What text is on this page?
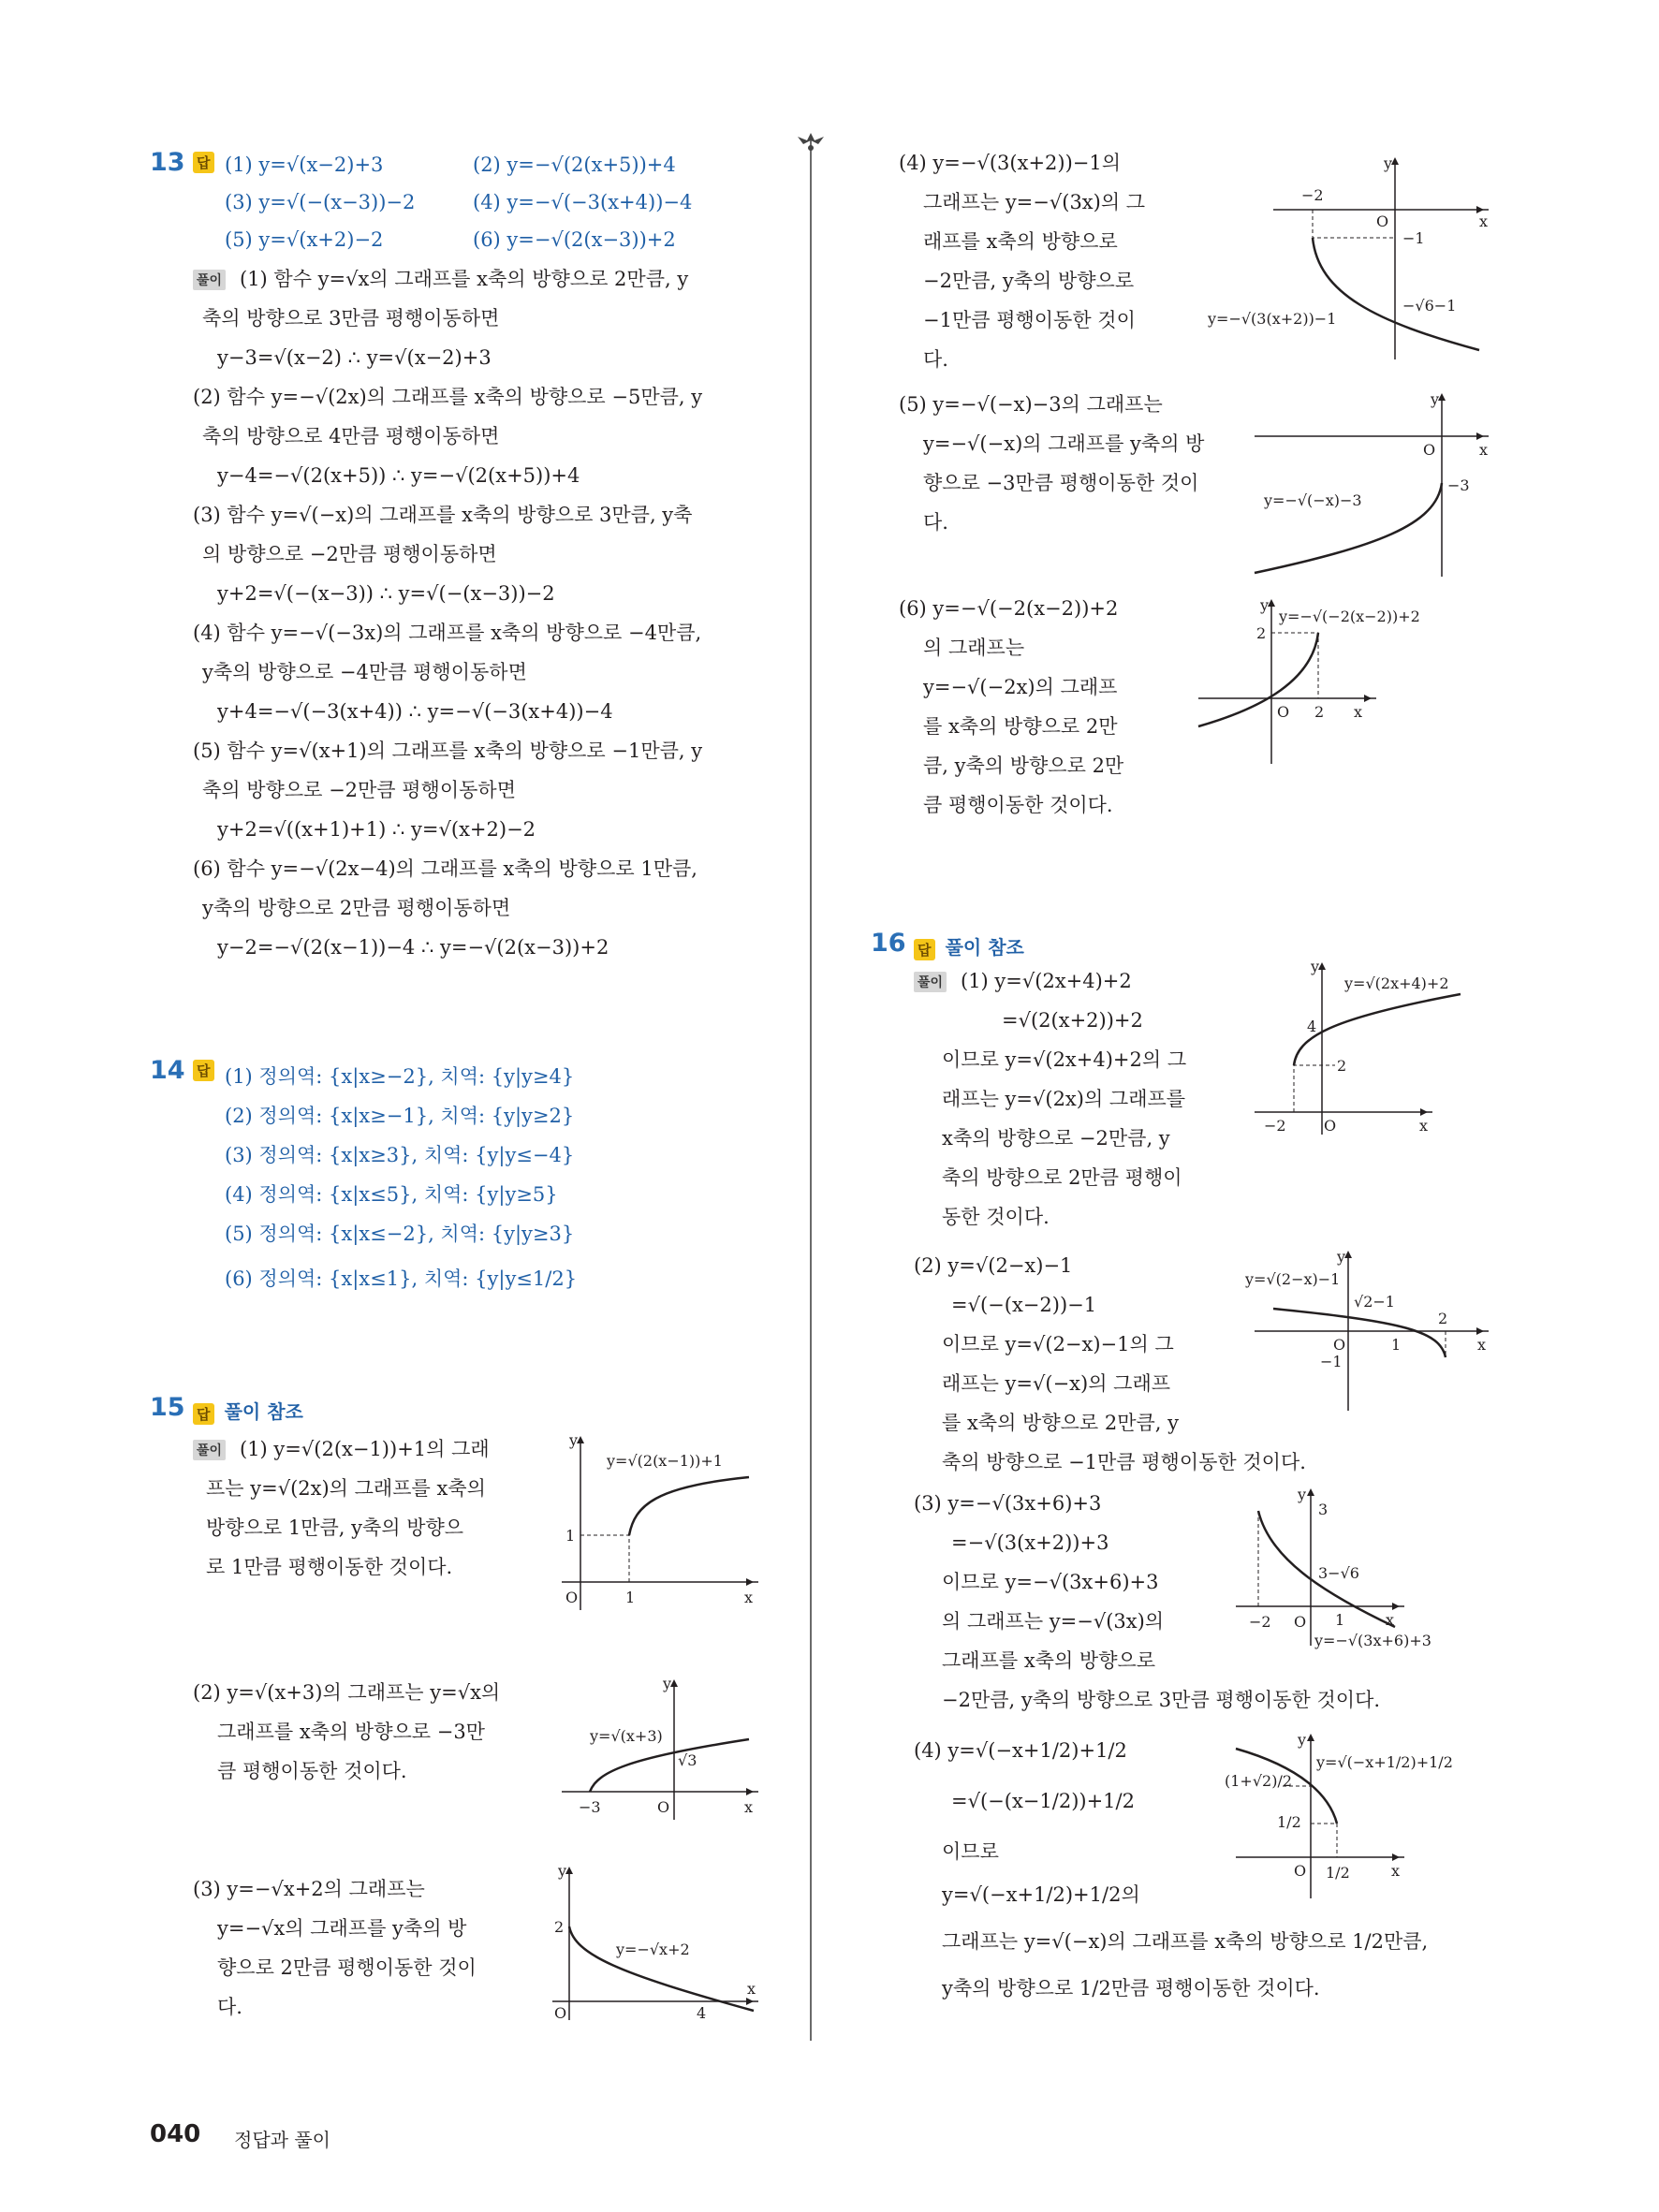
13 답 (1) y=√(x−2)+3	(2) y=−√(2(x+5))+4
(3) y=√(−(x−3))−2	(4) y=−√(−3(x+4))−4
(5) y=√(x+2)−2	(6) y=−√(2(x−3))+2
풀이 (1) 함수 y=√x의 그래프를 x축의 방향으로 2만큼, y
축의 방향으로 3만큼 평행이동하면
y−3=√(x−2) ∴ y=√(x−2)+3
(2) 함수 y=−√(2x)의 그래프를 x축의 방향으로 −5만큼, y
축의 방향으로 4만큼 평행이동하면
y−4=−√(2(x+5)) ∴ y=−√(2(x+5))+4
(3) 함수 y=√(−x)의 그래프를 x축의 방향으로 3만큼, y축
의 방향으로 −2만큼 평행이동하면
y+2=√(−(x−3)) ∴ y=√(−(x−3))−2
(4) 함수 y=−√(−3x)의 그래프를 x축의 방향으로 −4만큼,
y축의 방향으로 −4만큼 평행이동하면
y+4=−√(−3(x+4)) ∴ y=−√(−3(x+4))−4
(5) 함수 y=√(x+1)의 그래프를 x축의 방향으로 −1만큼, y
축의 방향으로 −2만큼 평행이동하면
y+2=√((x+1)+1) ∴ y=√(x+2)−2
(6) 함수 y=−√(2x−4)의 그래프를 x축의 방향으로 1만큼,
y축의 방향으로 2만큼 평행이동하면
y−2=−√(2(x−1))−4 ∴ y=−√(2(x−3))+2
14 답 (1) 정의역: {x|x≥−2}, 치역: {y|y≥4}
(2) 정의역: {x|x≥−1}, 치역: {y|y≥2}
(3) 정의역: {x|x≥3}, 치역: {y|y≤−4}
(4) 정의역: {x|x≤5}, 치역: {y|y≥5}
(5) 정의역: {x|x≤−2}, 치역: {y|y≥3}
(6) 정의역: {x|x≤1}, 치역: {y|y≤1/2}
15 답 풀이 참조
풀이 (1) y=√(2(x−1))+1의 그래
프는 y=√(2x)의 그래프를 x축의
방향으로 1만큼, y축의 방향으
로 1만큼 평행이동한 것이다.
y=√(2(x−1))+1
1
1
O	x
y
(2) y=√(x+3)의 그래프는 y=√x의
그래프를 x축의 방향으로 −3만
큼 평행이동한 것이다.
y=√(x+3)
√3
−3	O	x
y
(3) y=−√x+2의 그래프는
y=−√x의 그래프를 y축의 방
향으로 2만큼 평행이동한 것이
다.
y=−√x+2
2
4
O
x
y
(4) y=−√(3(x+2))−1의
그래프는 y=−√(3x)의 그
래프를 x축의 방향으로
−2만큼, y축의 방향으로
−1만큼 평행이동한 것이
다.
−2
−1
−√6−1
y=−√(3(x+2))−1
O	x
y
(5) y=−√(−x)−3의 그래프는
y=−√(−x)의 그래프를 y축의 방
향으로 −3만큼 평행이동한 것이
다.
y=−√(−x)−3
−3
O	x
y
(6) y=−√(−2(x−2))+2
의 그래프는
y=−√(−2x)의 그래프
를 x축의 방향으로 2만
큼, y축의 방향으로 2만
큼 평행이동한 것이다.
y=−√(−2(x−2))+2
2
2
O	x
y
16 답 풀이 참조
풀이 (1) y=√(2x+4)+2
=√(2(x+2))+2
이므로 y=√(2x+4)+2의 그
래프는 y=√(2x)의 그래프를
x축의 방향으로 −2만큼, y
축의 방향으로 2만큼 평행이
동한 것이다.
y=√(2x+4)+2
4
2
−2	O	x
y
(2) y=√(2−x)−1
=√(−(x−2))−1
이므로 y=√(2−x)−1의 그
래프는 y=√(−x)의 그래프
를 x축의 방향으로 2만큼, y
축의 방향으로 −1만큼 평행이동한 것이다.
y=√(2−x)−1
√2−1
2
1
−1
O	x
y
(3) y=−√(3x+6)+3
=−√(3(x+2))+3
이므로 y=−√(3x+6)+3
의 그래프는 y=−√(3x)의
그래프를 x축의 방향으로
−2만큼, y축의 방향으로 3만큼 평행이동한 것이다.
3
3−√6
−2	1
y=−√(3x+6)+3
O	x
y
(4) y=√(−x+1/2)+1/2
=√(−(x−1/2))+1/2
이므로
y=√(−x+1/2)+1/2의
그래프는 y=√(−x)의 그래프를 x축의 방향으로 1/2만큼,
y축의 방향으로 1/2만큼 평행이동한 것이다.
y=√(−x+1/2)+1/2
(1+√2)/2
1/2
1/2
O	x
y
040 정답과 풀이
